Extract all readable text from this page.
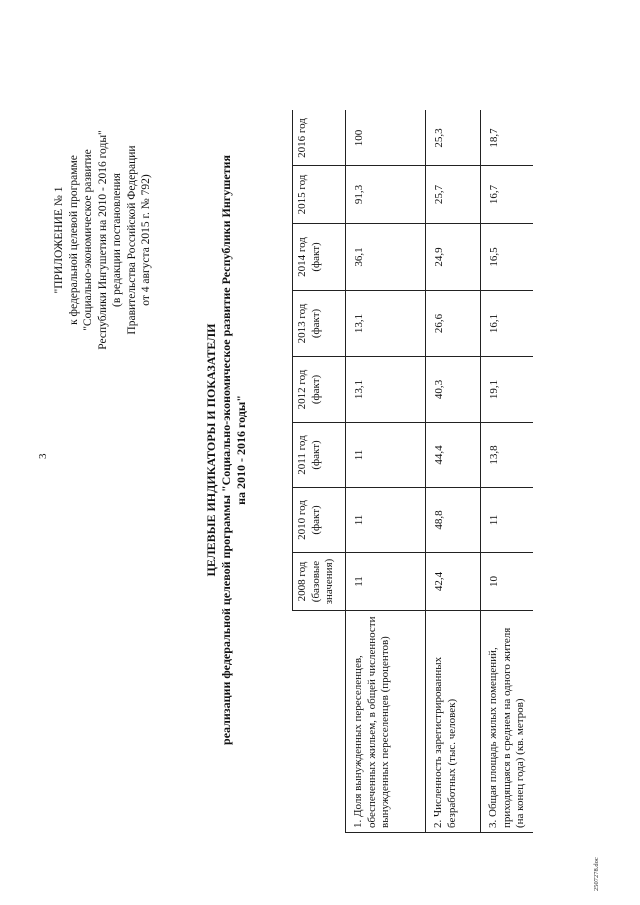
3
"ПРИЛОЖЕНИЕ № 1 к федеральной целевой программе "Социально-экономическое развитие Республики Ингушетия на 2010 - 2016 годы" (в редакции постановления Правительства Российской Федерации от 4 августа 2015 г. № 792)
ЦЕЛЕВЫЕ ИНДИКАТОРЫ И ПОКАЗАТЕЛИ реализации федеральной целевой программы "Социально-экономическое развитие Республики Ингушетия на 2010 - 2016 годы"
	2008 год (базовые значения)	2010 год (факт)	2011 год (факт)	2012 год (факт)	2013 год (факт)	2014 год (факт)	2015 год	2016 год
1. Доля вынужденных переселенцев, обеспеченных жильем, в общей численности вынужденных переселенцев (процентов)	11	11	11	13,1	13,1	36,1	91,3	100
2. Численность зарегистрированных безработных (тыс. человек)	42,4	48,8	44,4	40,3	26,6	24,9	25,7	25,3
3. Общая площадь жилых помещений, приходящаяся в среднем на одного жителя (на конец года) (кв. метров)	10	11	13,8	19,1	16,1	16,5	16,7	18,7
2507278.doc
